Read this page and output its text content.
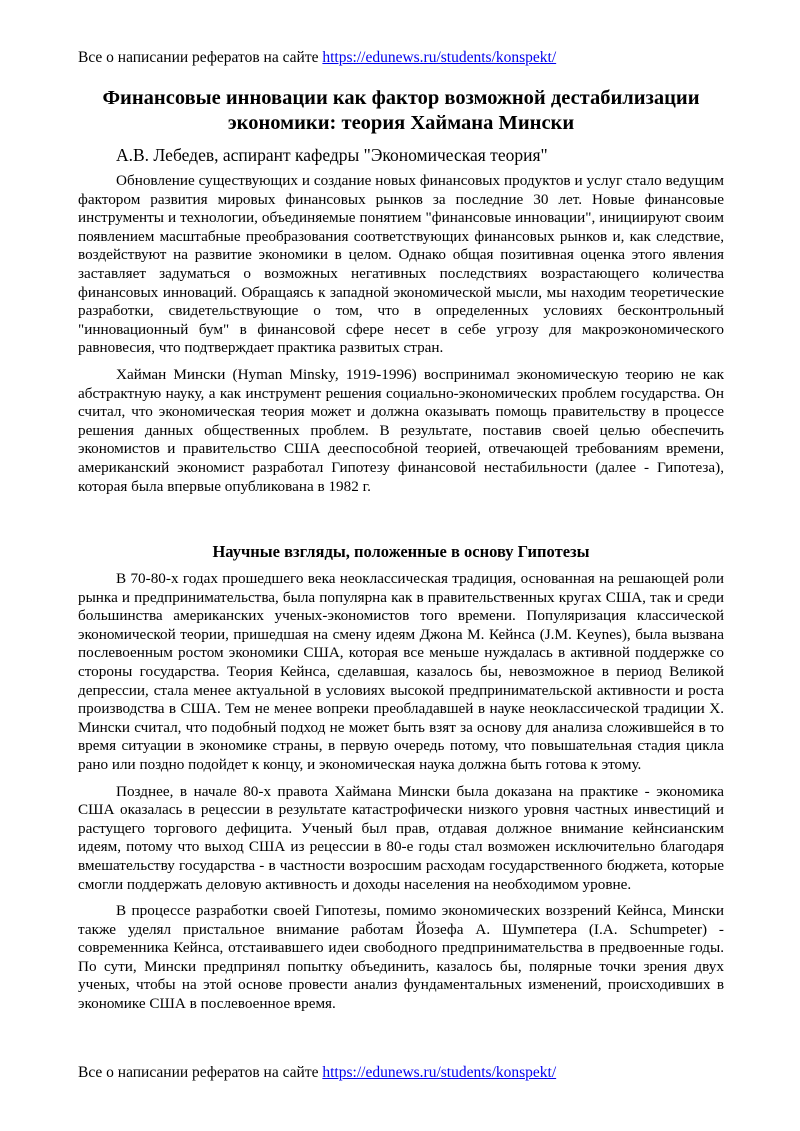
Все о написании рефератов на сайте https://edunews.ru/students/konspekt/
Финансовые инновации как фактор возможной дестабилизации
экономики: теория Хаймана Мински
А.В. Лебедев, аспирант кафедры "Экономическая теория"

Обновление существующих и создание новых финансовых продуктов и услуг стало ведущим фактором развития мировых финансовых рынков за последние 30 лет. Новые финансовые инструменты и технологии, объединяемые понятием "финансовые инновации", инициируют своим появлением масштабные преобразования соответствующих финансовых рынков и, как следствие, воздействуют на развитие экономики в целом. Однако общая позитивная оценка этого явления заставляет задуматься о возможных негативных последствиях возрастающего количества финансовых инноваций. Обращаясь к западной экономической мысли, мы находим теоретические разработки, свидетельствующие о том, что в определенных условиях бесконтрольный "инновационный бум" в финансовой сфере несет в себе угрозу для макроэкономического равновесия, что подтверждает практика развитых стран.

Хайман Мински (Hyman Minsky, 1919-1996) воспринимал экономическую теорию не как абстрактную науку, а как инструмент решения социально-экономических проблем государства. Он считал, что экономическая теория может и должна оказывать помощь правительству в процессе решения данных общественных проблем. В результате, поставив своей целью обеспечить экономистов и правительство США дееспособной теорией, отвечающей требованиям времени, американский экономист разработал Гипотезу финансовой нестабильности (далее - Гипотеза), которая была впервые опубликована в 1982 г.

Научные взгляды, положенные в основу Гипотезы

В 70-80-х годах прошедшего века неоклассическая традиция, основанная на решающей роли рынка и предпринимательства, была популярна как в правительственных кругах США, так и среди большинства американских ученых-экономистов того времени. Популяризация классической экономической теории, пришедшая на смену идеям Джона М. Кейнса (J.M. Keynes), была вызвана послевоенным ростом экономики США, которая все меньше нуждалась в активной поддержке со стороны государства. Теория Кейнса, сделавшая, казалось бы, невозможное в период Великой депрессии, стала менее актуальной в условиях высокой предпринимательской активности и роста производства в США. Тем не менее вопреки преобладавшей в науке неоклассической традиции Х. Мински считал, что подобный подход не может быть взят за основу для анализа сложившейся в то время ситуации в экономике страны, в первую очередь потому, что повышательная стадия цикла рано или поздно подойдет к концу, и экономическая наука должна быть готова к этому.

Позднее, в начале 80-х правота Хаймана Мински была доказана на практике - экономика США оказалась в рецессии в результате катастрофически низкого уровня частных инвестиций и растущего торгового дефицита. Ученый был прав, отдавая должное внимание кейнсианским идеям, потому что выход США из рецессии в 80-е годы стал возможен исключительно благодаря вмешательству государства - в частности возросшим расходам государственного бюджета, которые смогли поддержать деловую активность и доходы населения на необходимом уровне.

В процессе разработки своей Гипотезы, помимо экономических воззрений Кейнса, Мински также уделял пристальное внимание работам Йозефа А. Шумпетера (I.A. Schumpeter) - современника Кейнса, отстаивавшего идеи свободного предпринимательства в предвоенные годы. По сути, Мински предпринял попытку объединить, казалось бы, полярные точки зрения двух ученых, чтобы на этой основе провести анализ фундаментальных изменений, происходивших в экономике США в послевоенное время.

Все о написании рефератов на сайте https://edunews.ru/students/konspekt/
